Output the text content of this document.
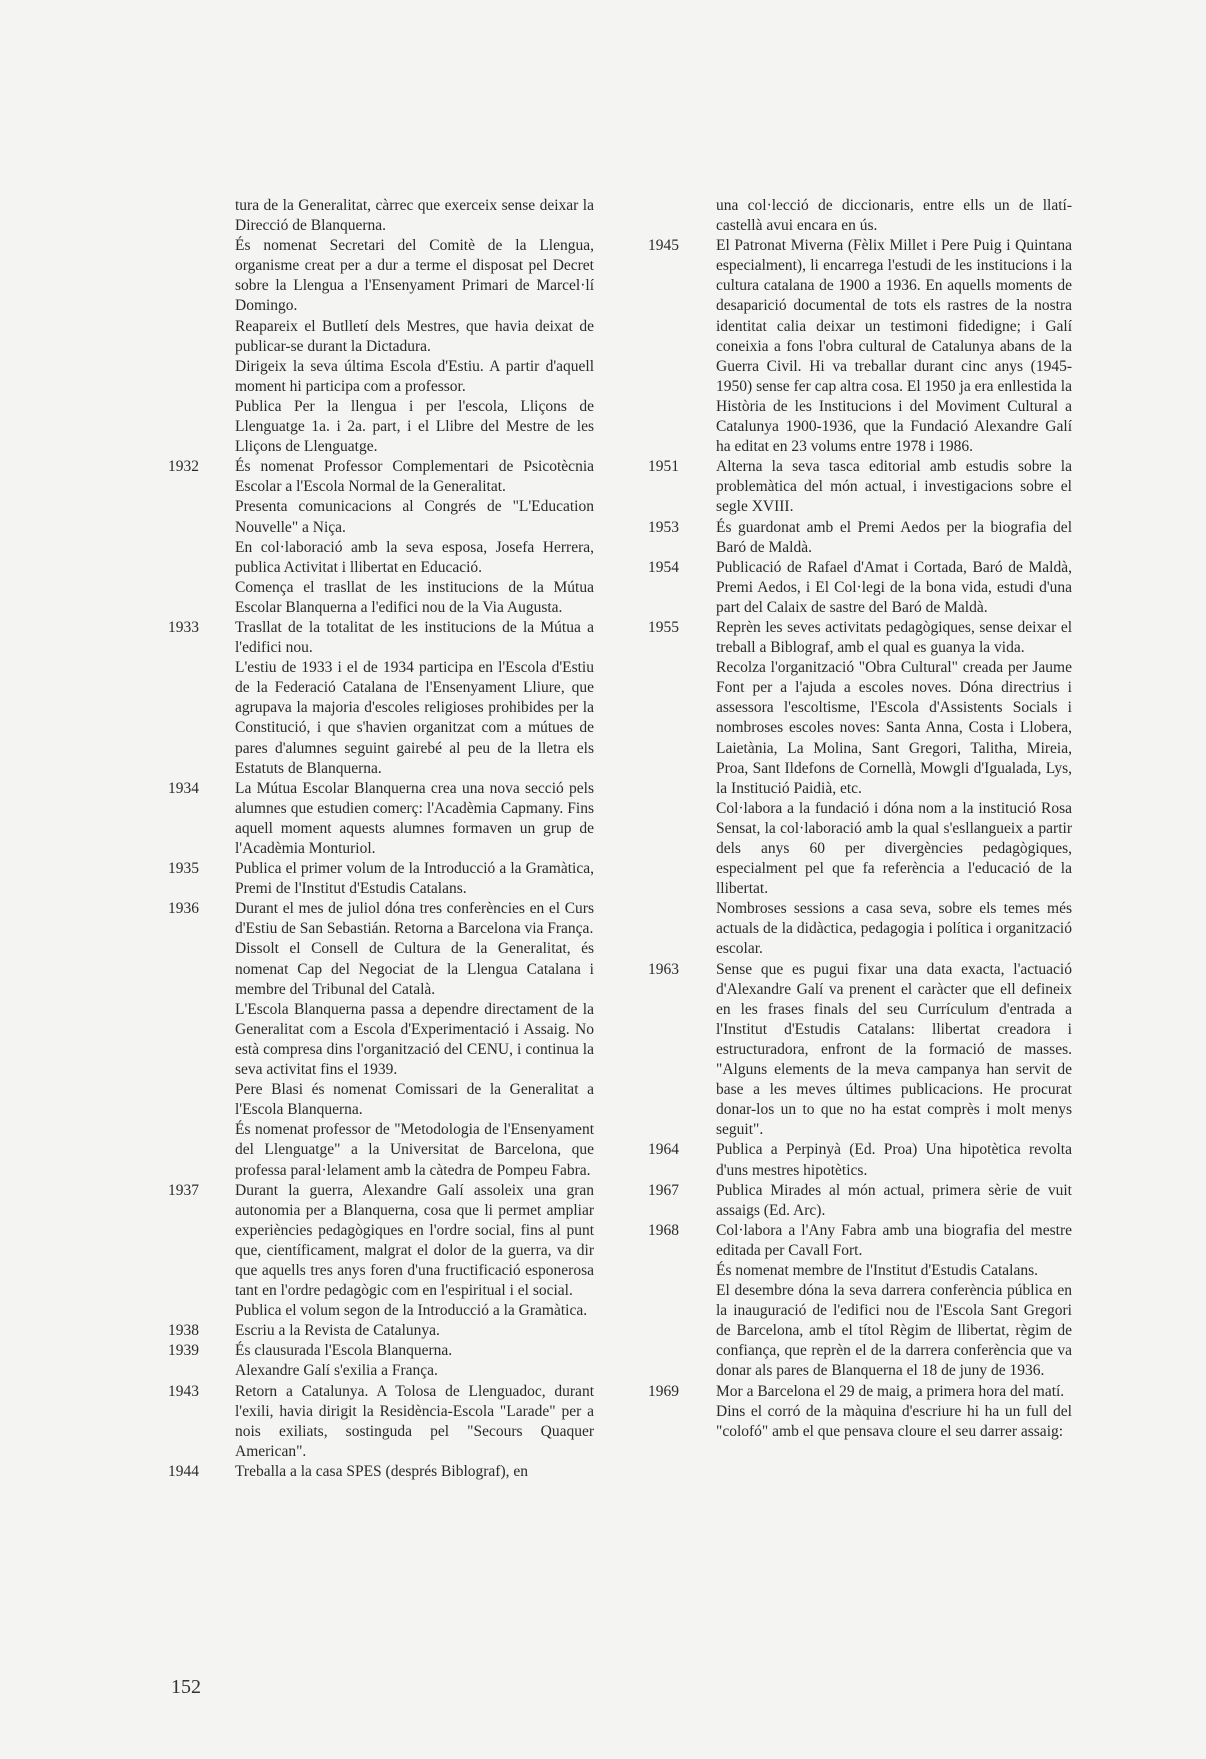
tura de la Generalitat, càrrec que exerceix sense deixar la Direcció de Blanquerna.

És nomenat Secretari del Comitè de la Llengua, organisme creat per a dur a terme el disposat pel Decret sobre la Llengua a l'Ensenyament Primari de Marcel·lí Domingo.

Reapareix el Butlletí dels Mestres, que havia deixat de publicar-se durant la Dictadura.

Dirigeix la seva última Escola d'Estiu. A partir d'aquell moment hi participa com a professor.

Publica Per la llengua i per l'escola, Lliçons de Llenguatge 1a. i 2a. part, i el Llibre del Mestre de les Lliçons de Llenguatge.

1932	És nomenat Professor Complementari de Psicotècnia Escolar a l'Escola Normal de la Generalitat.

Presenta comunicacions al Congrés de "L'Education Nouvelle" a Niça.

En col·laboració amb la seva esposa, Josefa Herrera, publica Activitat i llibertat en Educació.

Comença el trasllat de les institucions de la Mútua Escolar Blanquerna a l'edifici nou de la Via Augusta.

1933	Trasllat de la totalitat de les institucions de la Mútua a l'edifici nou.

L'estiu de 1933 i el de 1934 participa en l'Escola d'Estiu de la Federació Catalana de l'Ensenyament Lliure, que agrupava la majoria d'escoles religioses prohibides per la Constitució, i que s'havien organitzat com a mútues de pares d'alumnes seguint gairebé al peu de la lletra els Estatuts de Blanquerna.

1934	La Mútua Escolar Blanquerna crea una nova secció pels alumnes que estudien comerç: l'Acadèmia Capmany. Fins aquell moment aquests alumnes formaven un grup de l'Acadèmia Monturiol.

1935	Publica el primer volum de la Introducció a la Gramàtica, Premi de l'Institut d'Estudis Catalans.

1936	Durant el mes de juliol dóna tres conferències en el Curs d'Estiu de San Sebastián. Retorna a Barcelona via França.

Dissolt el Consell de Cultura de la Generalitat, és nomenat Cap del Negociat de la Llengua Catalana i membre del Tribunal del Català.

L'Escola Blanquerna passa a dependre directament de la Generalitat com a Escola d'Experimentació i Assaig. No està compresa dins l'organització del CENU, i continua la seva activitat fins el 1939.

Pere Blasi és nomenat Comissari de la Generalitat a l'Escola Blanquerna.

És nomenat professor de "Metodologia de l'Ensenyament del Llenguatge" a la Universitat de Barcelona, que professa paral·lelament amb la càtedra de Pompeu Fabra.

1937	Durant la guerra, Alexandre Galí assoleix una gran autonomia per a Blanquerna, cosa que li permet ampliar experiències pedagògiques en l'ordre social, fins al punt que, científicament, malgrat el dolor de la guerra, va dir que aquells tres anys foren d'una fructificació esponerosa tant en l'ordre pedagògic com en l'espiritual i el social.

Publica el volum segon de la Introducció a la Gramàtica.

1938	Escriu a la Revista de Catalunya.

1939	És clausurada l'Escola Blanquerna.

Alexandre Galí s'exilia a França.

1943	Retorn a Catalunya. A Tolosa de Llenguadoc, durant l'exili, havia dirigit la Residència-Escola "Larade" per a nois exiliats, sostinguda pel "Secours Quaquer American".

1944	Treballa a la casa SPES (després Biblograf), en

una col·lecció de diccionaris, entre ells un de llatí-castellà avui encara en ús.

1945	El Patronat Miverna (Fèlix Millet i Pere Puig i Quintana especialment), li encarrega l'estudi de les institucions i la cultura catalana de 1900 a 1936. En aquells moments de desaparició documental de tots els rastres de la nostra identitat calia deixar un testimoni fidedigne; i Galí coneixia a fons l'obra cultural de Catalunya abans de la Guerra Civil. Hi va treballar durant cinc anys (1945-1950) sense fer cap altra cosa. El 1950 ja era enllestida la Història de les Institucions i del Moviment Cultural a Catalunya 1900-1936, que la Fundació Alexandre Galí ha editat en 23 volums entre 1978 i 1986.

1951	Alterna la seva tasca editorial amb estudis sobre la problemàtica del món actual, i investigacions sobre el segle XVIII.

1953	És guardonat amb el Premi Aedos per la biografia del Baró de Maldà.

1954	Publicació de Rafael d'Amat i Cortada, Baró de Maldà, Premi Aedos, i El Col·legi de la bona vida, estudi d'una part del Calaix de sastre del Baró de Maldà.

1955	Reprèn les seves activitats pedagògiques, sense deixar el treball a Biblograf, amb el qual es guanya la vida.

Recolza l'organització "Obra Cultural" creada per Jaume Font per a l'ajuda a escoles noves. Dóna directrius i assessora l'escoltisme, l'Escola d'Assistents Socials i nombroses escoles noves: Santa Anna, Costa i Llobera, Laietània, La Molina, Sant Gregori, Talitha, Mireia, Proa, Sant Ildefons de Cornellà, Mowgli d'Igualada, Lys, la Institució Paidià, etc.

Col·labora a la fundació i dóna nom a la institució Rosa Sensat, la col·laboració amb la qual s'esllangueix a partir dels anys 60 per divergències pedagògiques, especialment pel que fa referència a l'educació de la llibertat.

Nombroses sessions a casa seva, sobre els temes més actuals de la didàctica, pedagogia i política i organització escolar.

1963	Sense que es pugui fixar una data exacta, l'actuació d'Alexandre Galí va prenent el caràcter que ell defineix en les frases finals del seu Currículum d'entrada a l'Institut d'Estudis Catalans: llibertat creadora i estructuradora, enfront de la formació de masses. "Alguns elements de la meva campanya han servit de base a les meves últimes publicacions. He procurat donar-los un to que no ha estat comprès i molt menys seguit".

1964	Publica a Perpinyà (Ed. Proa) Una hipotètica revolta d'uns mestres hipotètics.

1967	Publica Mirades al món actual, primera sèrie de vuit assaigs (Ed. Arc).

1968	Col·labora a l'Any Fabra amb una biografia del mestre editada per Cavall Fort.

És nomenat membre de l'Institut d'Estudis Catalans.

El desembre dóna la seva darrera conferència pública en la inauguració de l'edifici nou de l'Escola Sant Gregori de Barcelona, amb el títol Règim de llibertat, règim de confiança, que reprèn el de la darrera conferència que va donar als pares de Blanquerna el 18 de juny de 1936.

1969	Mor a Barcelona el 29 de maig, a primera hora del matí.

Dins el corró de la màquina d'escriure hi ha un full del "colofó" amb el que pensava cloure el seu darrer assaig:

152
